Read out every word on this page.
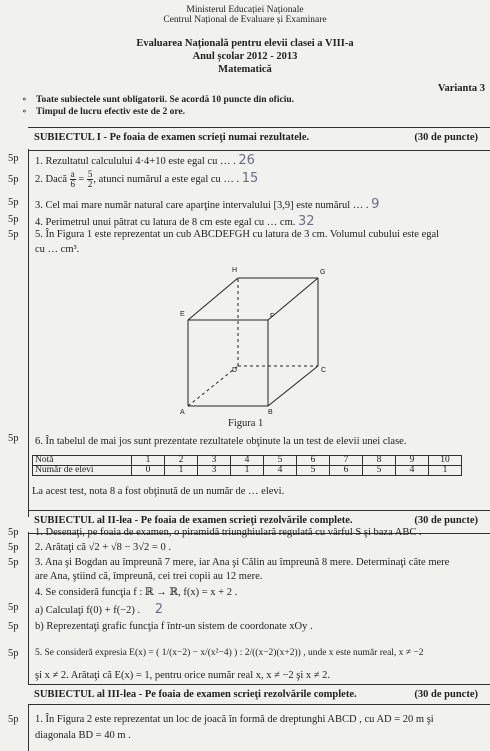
Ministerul Educației Naționale
Centrul Național de Evaluare și Examinare
Evaluarea Națională pentru elevii clasei a VIII-a
Anul școlar 2012 - 2013
Matematică
Varianta 3
∘ Toate subiectele sunt obligatorii. Se acordă 10 puncte din oficiu.
∘ Timpul de lucru efectiv este de 2 ore.
SUBIECTUL I - Pe foaia de examen scrieţi numai rezultatele.	(30 de puncte)
5p 1. Rezultatul calculului 4·4+10 este egal cu … . 26
5p 2. Dacă $\frac{a}{6} = \frac{5}{2}$ , atunci numărul a este egal cu … . 15
5p 3. Cel mai mare număr natural care aparţine intervalului [3,9] este numărul … . 9
5p 4. Perimetrul unui pătrat cu latura de 8 cm este egal cu … cm. 32
5p 5. În Figura 1 este reprezentat un cub ABCDEFGH cu latura de 3 cm. Volumul cubului este egal
cu … cm³.
A	B
C
D
E	F
G
H
Figura 1
5p 6. În tabelul de mai jos sunt prezentate rezultatele obţinute la un test de elevii unei clase.
Notă	1	2	3	4	5	6	7	8	9	10
Număr de elevi	0	1	3	1	4	5	6	5	4	1
La acest test, nota 8 a fost obţinută de un număr de … elevi.
SUBIECTUL al II-lea - Pe foaia de examen scrieţi rezolvările complete.	(30 de puncte)
5p 1. Desenaţi, pe foaia de examen, o piramidă triunghiulară regulată cu vârful S şi baza ABC .
5p 2. Arătaţi că √2 + √8 − 3√2 = 0 .
5p 3. Ana şi Bogdan au împreună 7 mere, iar Ana şi Călin au împreună 8 mere. Determinaţi câte mere
are Ana, ştiind că, împreună, cei trei copii au 12 mere.
4. Se consideră funcţia f : ℝ → ℝ, f(x) = x + 2 .
5p a) Calculaţi f(0) + f(−2) . 2
5p b) Reprezentaţi grafic funcţia f într-un sistem de coordonate xOy .
5p 5. Se consideră expresia E(x) = ( 1/(x−2) − x/(x²−4) ) : 2/((x−2)(x+2)) , unde x este număr real, x ≠ −2
şi x ≠ 2. Arătaţi că E(x) = 1, pentru orice număr real x, x ≠ −2 şi x ≠ 2.
SUBIECTUL al III-lea - Pe foaia de examen scrieţi rezolvările complete.	(30 de puncte)
5p 1. În Figura 2 este reprezentat un loc de joacă în formă de dreptunghi ABCD , cu AD = 20 m şi
diagonala BD = 40 m .
